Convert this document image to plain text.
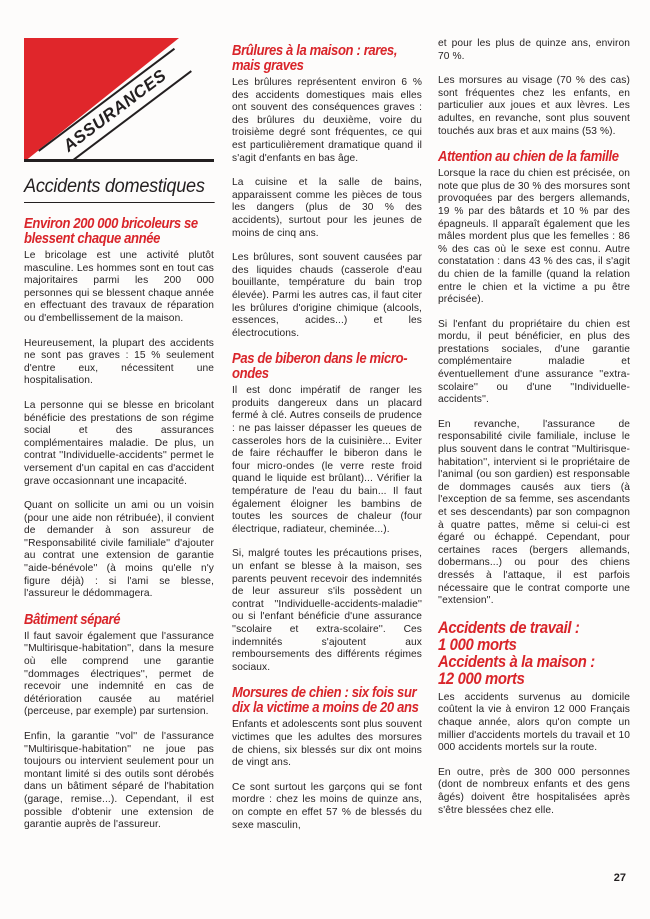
ASSURANCES
Accidents domestiques
Environ 200 000 bricoleurs se blessent chaque année

Le bricolage est une activité plutôt masculine. Les hommes sont en tout cas majoritaires parmi les 200 000 personnes qui se blessent chaque année en effectuant des travaux de réparation ou d'embellissement de la maison.

Heureusement, la plupart des accidents ne sont pas graves : 15 % seulement d'entre eux, nécessitent une hospitalisation.

La personne qui se blesse en bricolant bénéficie des prestations de son régime social et des assurances complémentaires maladie. De plus, un contrat ''Individuelle-accidents'' permet le versement d'un capital en cas d'accident grave occasionnant une incapacité.

Quant on sollicite un ami ou un voisin (pour une aide non rétribuée), il convient de demander à son assureur de ''Responsabilité civile familiale'' d'ajouter au contrat une extension de garantie ''aide-bénévole'' (à moins qu'elle n'y figure déjà) : si l'ami se blesse, l'assureur le dédommagera.

Bâtiment séparé

Il faut savoir également que l'assurance ''Multirisque-habitation'', dans la mesure où elle comprend une garantie ''dommages électriques'', permet de recevoir une indemnité en cas de détérioration causée au matériel (perceuse, par exemple) par surtension.

Enfin, la garantie ''vol'' de l'assurance ''Multirisque-habitation'' ne joue pas toujours ou intervient seulement pour un montant limité si des outils sont dérobés dans un bâtiment séparé de l'habitation (garage, remise...). Cependant, il est possible d'obtenir une extension de garantie auprès de l'assureur.

Brûlures à la maison : rares, mais graves

Les brûlures représentent environ 6 % des accidents domestiques mais elles ont souvent des conséquences graves : des brûlures du deuxième, voire du troisième degré sont fréquentes, ce qui est particulièrement dramatique quand il s'agit d'enfants en bas âge.

La cuisine et la salle de bains, apparaissent comme les pièces de tous les dangers (plus de 30 % des accidents), surtout pour les jeunes de moins de cinq ans.

Les brûlures, sont souvent causées par des liquides chauds (casserole d'eau bouillante, température du bain trop élevée). Parmi les autres cas, il faut citer les brûlures d'origine chimique (alcools, essences, acides...) et les électrocutions.

Pas de biberon dans le micro-ondes

Il est donc impératif de ranger les produits dangereux dans un placard fermé à clé. Autres conseils de prudence : ne pas laisser dépasser les queues de casseroles hors de la cuisinière... Eviter de faire réchauffer le biberon dans le four micro-ondes (le verre reste froid quand le liquide est brûlant)... Vérifier la température de l'eau du bain... Il faut également éloigner les bambins de toutes les sources de chaleur (four électrique, radiateur, cheminée...).

Si, malgré toutes les précautions prises, un enfant se blesse à la maison, ses parents peuvent recevoir des indemnités de leur assureur s'ils possèdent un contrat ''Individuelle-accidents-maladie'' ou si l'enfant bénéficie d'une assurance ''scolaire et extra-scolaire''. Ces indemnités s'ajoutent aux remboursements des différents régimes sociaux.

Morsures de chien : six fois sur dix la victime a moins de 20 ans

Enfants et adolescents sont plus souvent victimes que les adultes des morsures de chiens, six blessés sur dix ont moins de vingt ans.

Ce sont surtout les garçons qui se font mordre : chez les moins de quinze ans, on compte en effet 57 % de blessés du sexe masculin,

et pour les plus de quinze ans, environ 70 %.

Les morsures au visage (70 % des cas) sont fréquentes chez les enfants, en particulier aux joues et aux lèvres. Les adultes, en revanche, sont plus souvent touchés aux bras et aux mains (53 %).

Attention au chien de la famille

Lorsque la race du chien est précisée, on note que plus de 30 % des morsures sont provoquées par des bergers allemands, 19 % par des bâtards et 10 % par des épagneuls. Il apparaît également que les mâles mordent plus que les femelles : 86 % des cas où le sexe est connu. Autre constatation : dans 43 % des cas, il s'agit du chien de la famille (quand la relation entre le chien et la victime a pu être précisée).

Si l'enfant du propriétaire du chien est mordu, il peut bénéficier, en plus des prestations sociales, d'une garantie complémentaire maladie et éventuellement d'une assurance ''extra-scolaire'' ou d'une ''Individuelle-accidents''.

En revanche, l'assurance de responsabilité civile familiale, incluse le plus souvent dans le contrat ''Multirisque-habitation'', intervient si le propriétaire de l'animal (ou son gardien) est responsable de dommages causés aux tiers (à l'exception de sa femme, ses ascendants et ses descendants) par son compagnon à quatre pattes, même si celui-ci est égaré ou échappé. Cependant, pour certaines races (bergers allemands, dobermans...) ou pour des chiens dressés à l'attaque, il est parfois nécessaire que le contrat comporte une ''extension''.

Accidents de travail :
1 000 morts
Accidents à la maison :
12 000 morts

Les accidents survenus au domicile coûtent la vie à environ 12 000 Français chaque année, alors qu'on compte un millier d'accidents mortels du travail et 10 000 accidents mortels sur la route.

En outre, près de 300 000 personnes (dont de nombreux enfants et des gens âgés) doivent être hospitalisées après s'être blessées chez elle.

27
